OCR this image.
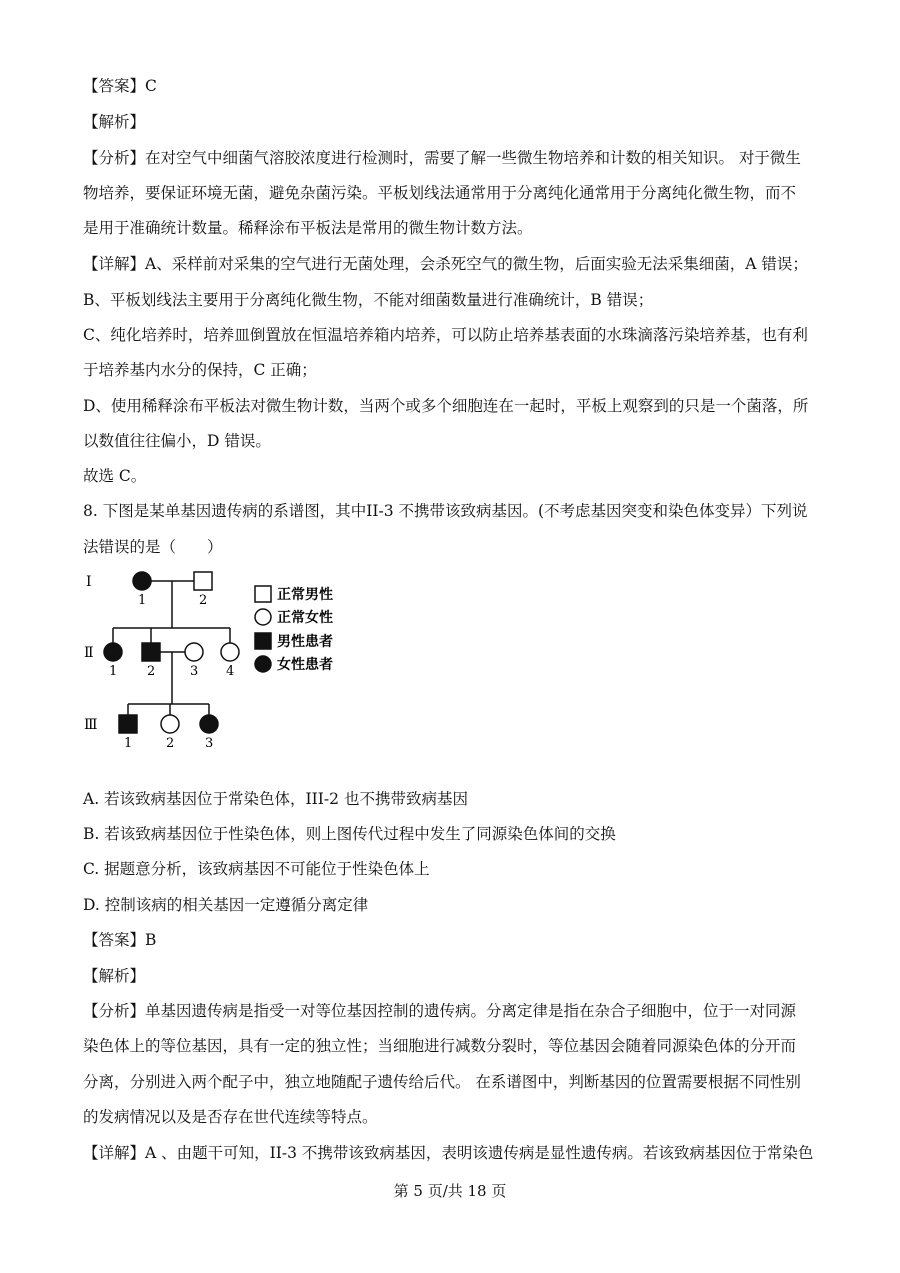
【答案】C
【解析】
【分析】在对空气中细菌气溶胶浓度进行检测时，需要了解一些微生物培养和计数的相关知识。 对于微生
物培养，要保证环境无菌，避免杂菌污染。平板划线法通常用于分离纯化通常用于分离纯化微生物，而不
是用于准确统计数量。稀释涂布平板法是常用的微生物计数方法。
【详解】A、采样前对采集的空气进行无菌处理，会杀死空气的微生物，后面实验无法采集细菌，A 错误；
B、平板划线法主要用于分离纯化微生物，不能对细菌数量进行准确统计，B 错误；
C、纯化培养时，培养皿倒置放在恒温培养箱内培养，可以防止培养基表面的水珠滴落污染培养基，也有利
于培养基内水分的保持，C 正确；
D、使用稀释涂布平板法对微生物计数，当两个或多个细胞连在一起时，平板上观察到的只是一个菌落，所
以数值往往偏小，D 错误。
故选 C。
8. 下图是某单基因遗传病的系谱图，其中II-3 不携带该致病基因。(不考虑基因突变和染色体变异）下列说
法错误的是（　　）
I
Ⅱ
Ⅲ
1	2
1 2	3 4
1	2 3
正常男性
正常女性
男性患者
女性患者
A. 若该致病基因位于常染色体，III-2 也不携带致病基因
B. 若该致病基因位于性染色体，则上图传代过程中发生了同源染色体间的交换
C. 据题意分析，该致病基因不可能位于性染色体上
D. 控制该病的相关基因一定遵循分离定律
【答案】B
【解析】
【分析】单基因遗传病是指受一对等位基因控制的遗传病。分离定律是指在杂合子细胞中，位于一对同源
染色体上的等位基因，具有一定的独立性；当细胞进行减数分裂时，等位基因会随着同源染色体的分开而
分离，分别进入两个配子中，独立地随配子遗传给后代。 在系谱图中，判断基因的位置需要根据不同性别
的发病情况以及是否存在世代连续等特点。
【详解】A 、由题干可知，II-3 不携带该致病基因，表明该遗传病是显性遗传病。若该致病基因位于常染色
第 5 页/共 18 页
